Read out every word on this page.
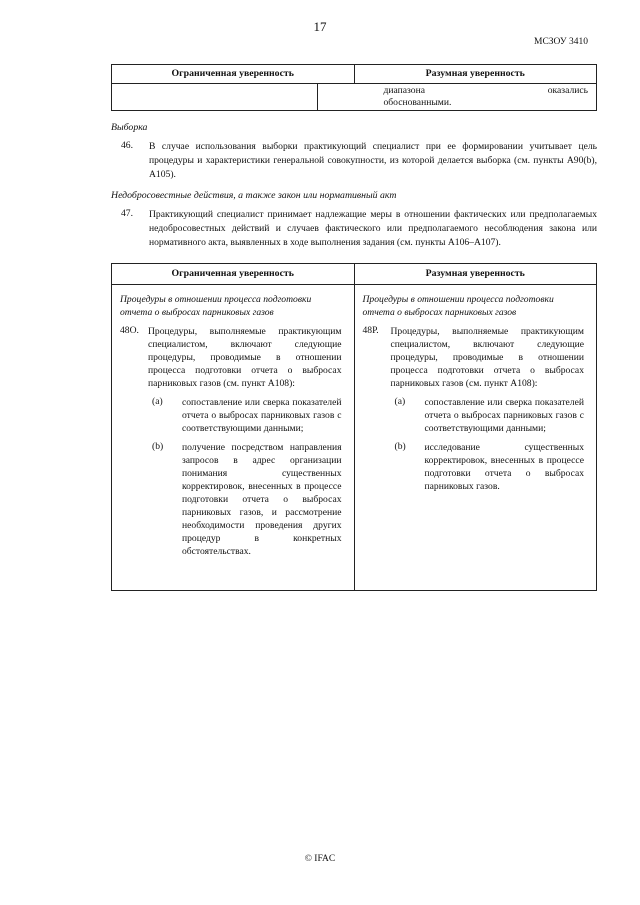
17
МСЗОУ 3410
Ограниченная уверенность	Разумная уверенность
диапазона оказались
обоснованными.
Выборка
46. В случае использования выборки практикующий специалист при ее формировании учитывает цель процедуры и характеристики генеральной совокупности, из которой делается выборка (см. пункты A90(b), A105).
Недобросовестные действия, а также закон или нормативный акт
47. Практикующий специалист принимает надлежащие меры в отношении фактических или предполагаемых недобросовестных действий и случаев фактического или предполагаемого несоблюдения закона или нормативного акта, выявленных в ходе выполнения задания (см. пункты A106–A107).
Ограниченная уверенность	Разумная уверенность
Процедуры в отношении процесса подготовки отчета о выбросах парниковых газов
48O. Процедуры, выполняемые практикующим специалистом, включают следующие процедуры, проводимые в отношении процесса подготовки отчета о выбросах парниковых газов (см. пункт A108):
(a) сопоставление или сверка показателей отчета о выбросах парниковых газов с соответствующими данными;
(b) получение посредством направления запросов в адрес организации понимания существенных корректировок, внесенных в процессе подготовки отчета о выбросах парниковых газов, и рассмотрение необходимости проведения других процедур в конкретных обстоятельствах.
Процедуры в отношении процесса подготовки отчета о выбросах парниковых газов
48Р. Процедуры, выполняемые практикующим специалистом, включают следующие процедуры, проводимые в отношении процесса подготовки отчета о выбросах парниковых газов (см. пункт A108):
(a) сопоставление или сверка показателей отчета о выбросах парниковых газов с соответствующими данными;
(b) исследование существенных корректировок, внесенных в процессе подготовки отчета о выбросах парниковых газов.
© IFAC
